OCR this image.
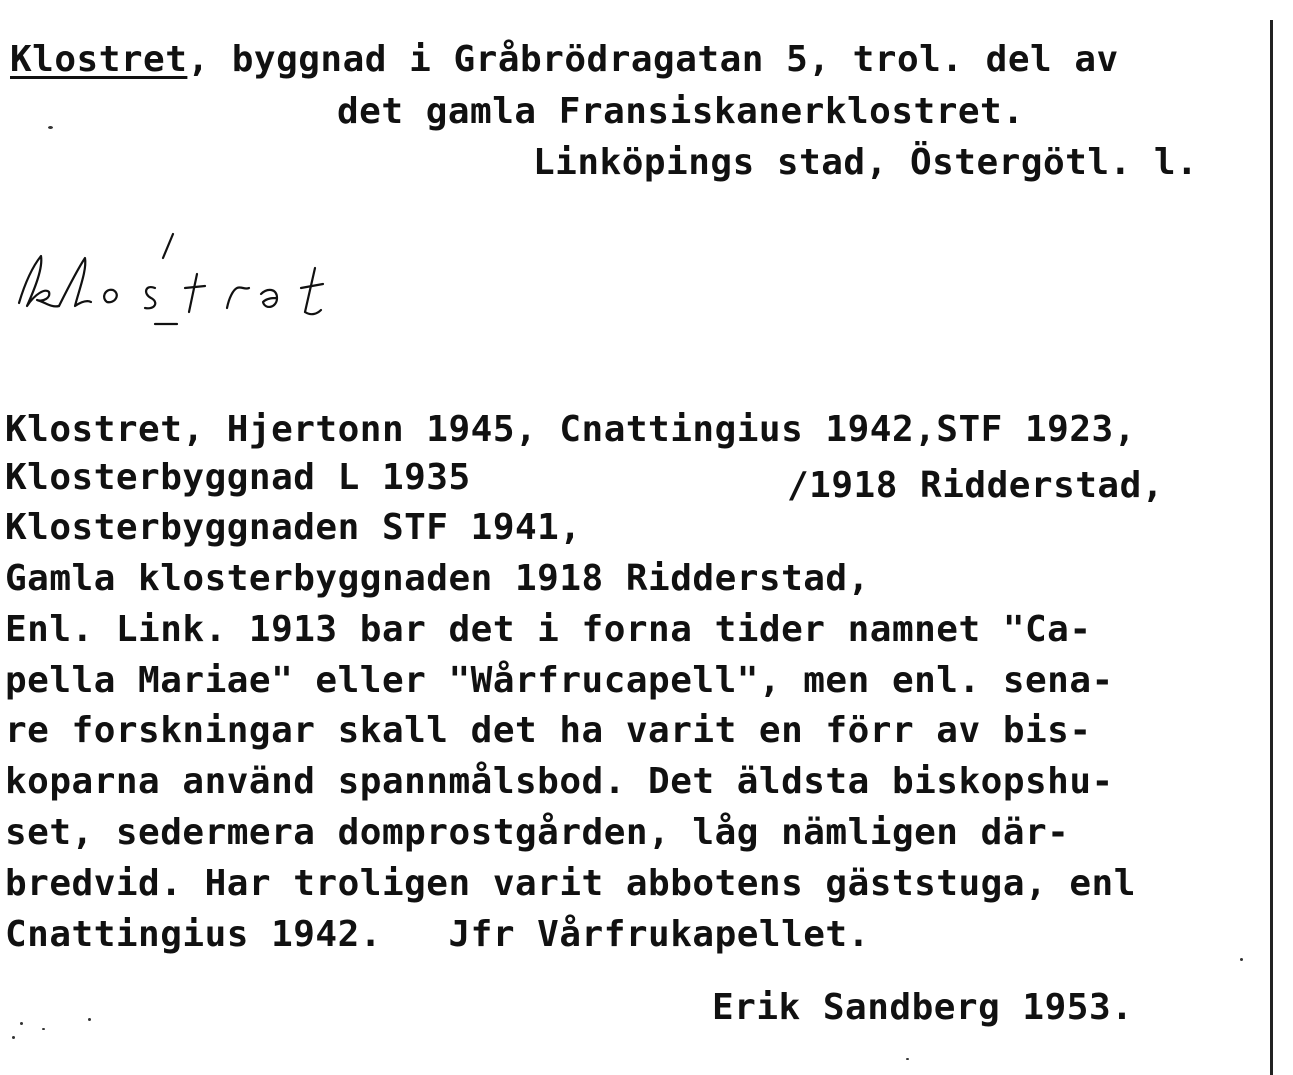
Klostret, byggnad i Gråbrödragatan 5, trol. del av
det gamla Fransiskanerklostret.
Linköpings stad, Östergötl. l.
Klostret, Hjertonn 1945, Cnattingius 1942,STF 1923,
Klosterbyggnad L 1935	/1918 Ridderstad,
Klosterbyggnaden STF 1941,
Gamla klosterbyggnaden 1918 Ridderstad,
Enl. Link. 1913 bar det i forna tider namnet "Ca-
pella Mariae" eller "Wårfrucapell", men enl. sena-
re forskningar skall det ha varit en förr av bis-
koparna använd spannmålsbod. Det äldsta biskopshu-
set, sedermera domprostgården, låg nämligen där-
bredvid. Har troligen varit abbotens gäststuga, enl
Cnattingius 1942.   Jfr Vårfrukapellet.
Erik Sandberg 1953.
